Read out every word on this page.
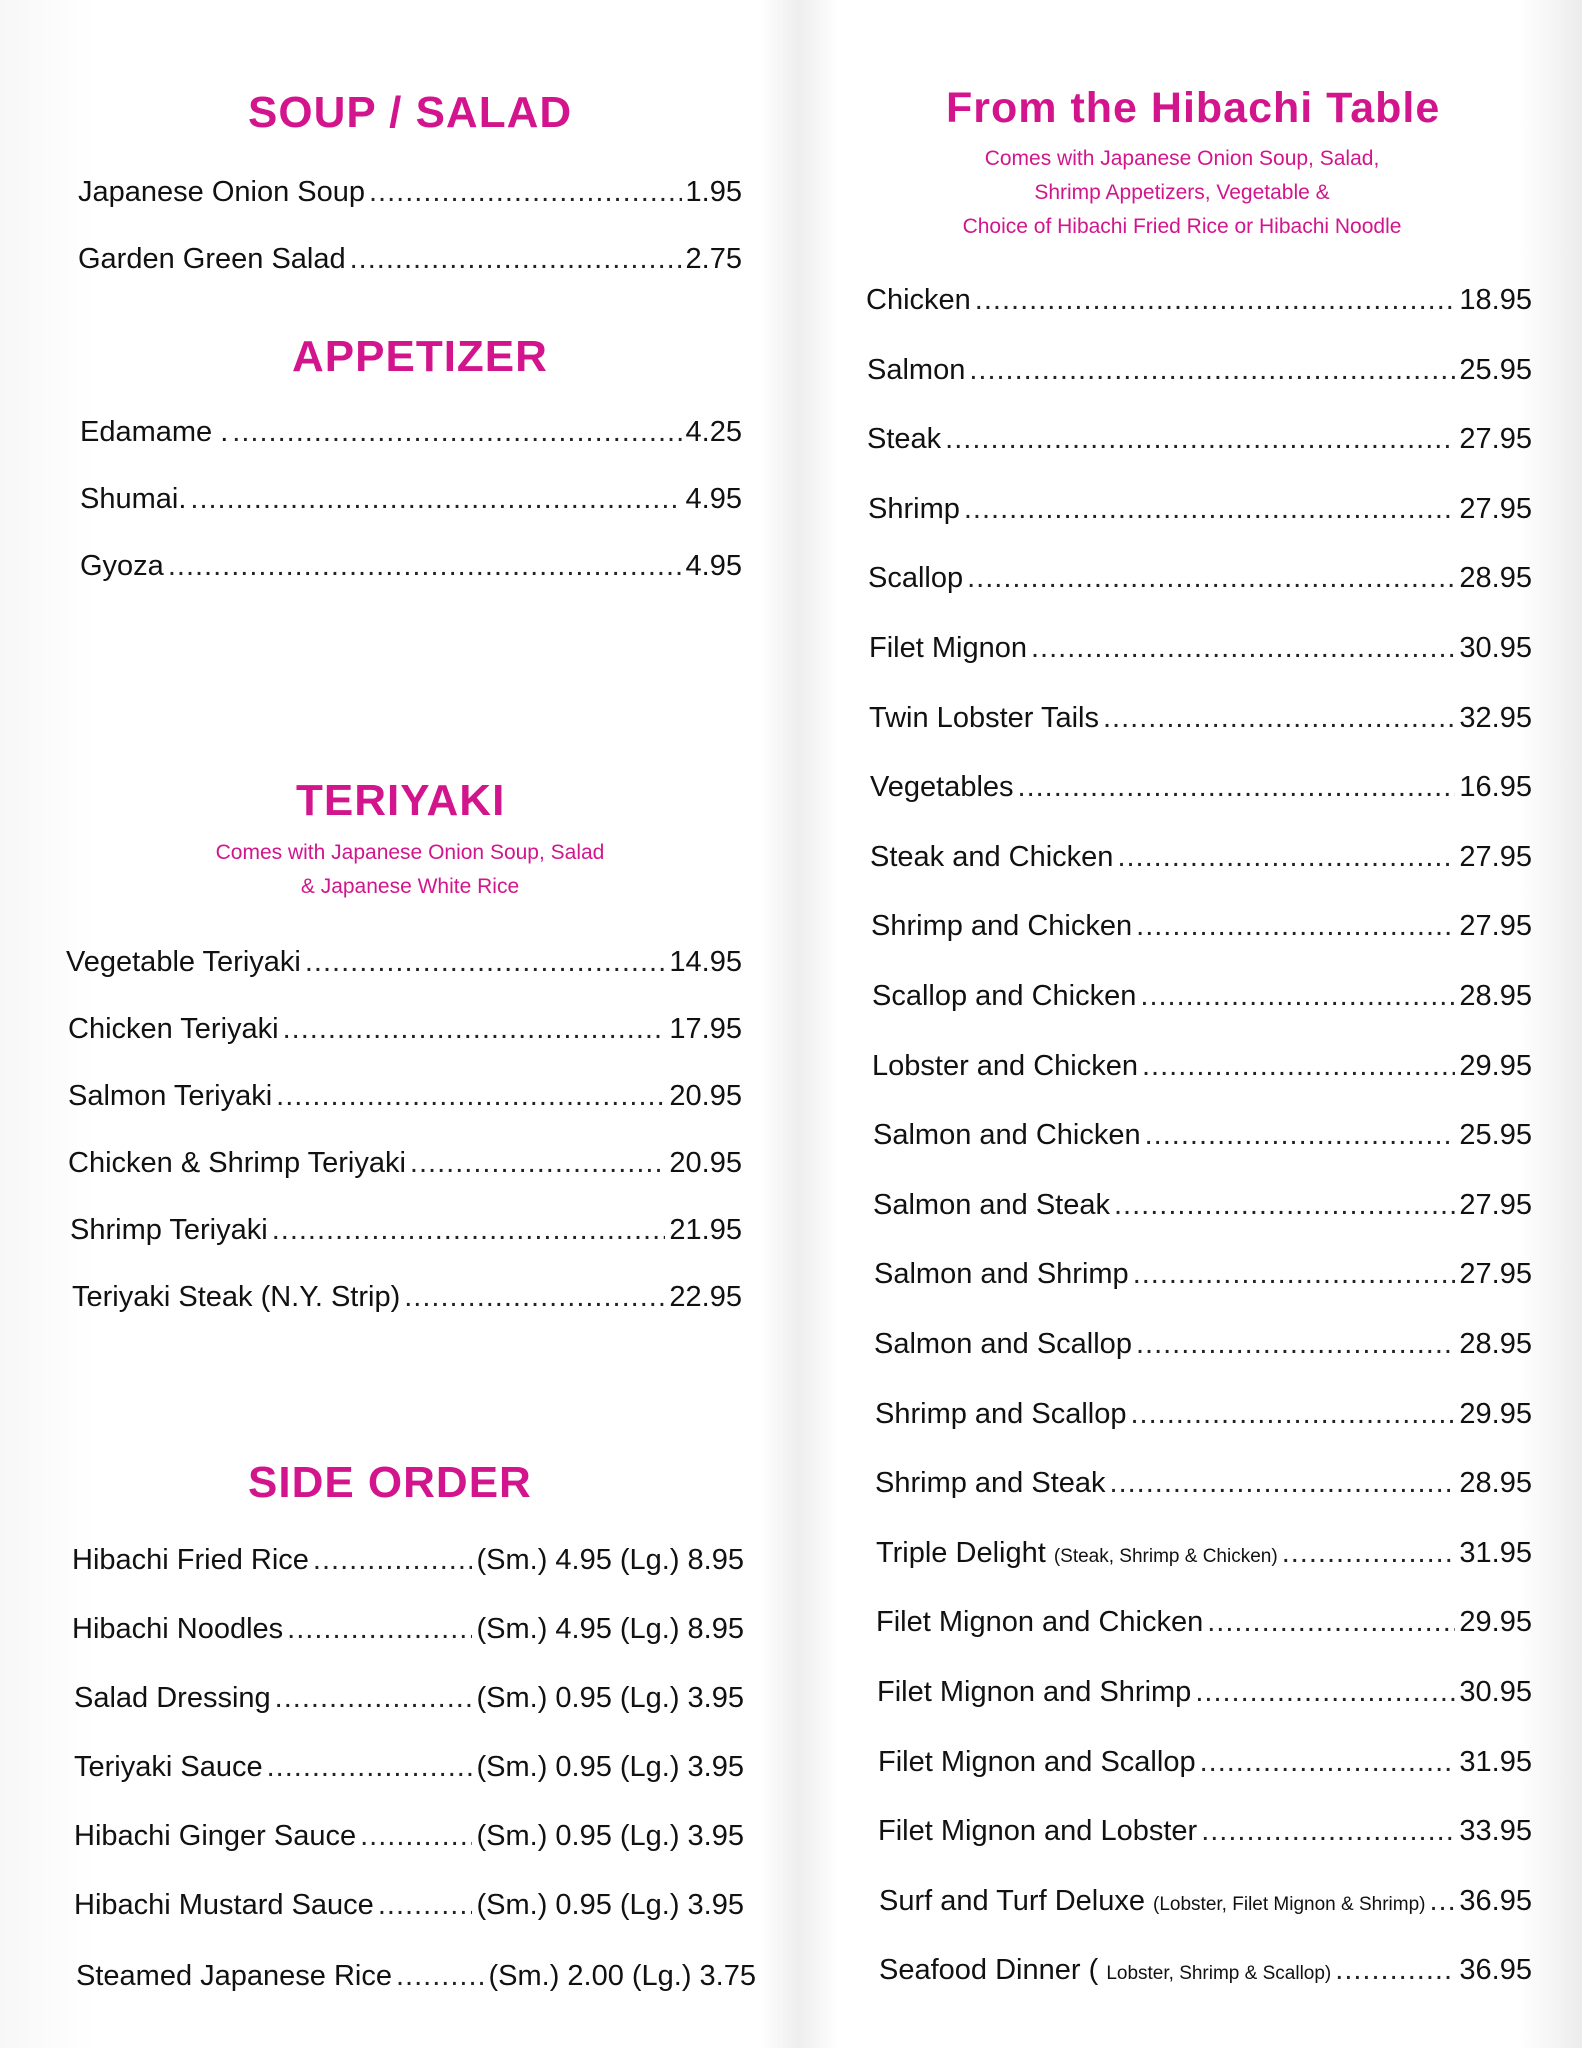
SOUP / SALAD
Japanese Onion Soup .....	1.95
Garden Green Salad .....	2.75
APPETIZER
Edamame . .....	4.25
Shumai. .....	4.95
Gyoza .....	4.95
TERIYAKI
Comes with Japanese Onion Soup, Salad
& Japanese White Rice
Vegetable Teriyaki .....	14.95
Chicken Teriyaki .....	17.95
Salmon Teriyaki .....	20.95
Chicken & Shrimp Teriyaki .....	20.95
Shrimp Teriyaki .....	21.95
Teriyaki Steak (N.Y. Strip) .....	22.95
SIDE ORDER
Hibachi Fried Rice .....	(Sm.) 4.95 (Lg.) 8.95
Hibachi Noodles .....	(Sm.) 4.95 (Lg.) 8.95
Salad Dressing .....	(Sm.) 0.95 (Lg.) 3.95
Teriyaki Sauce .....	(Sm.) 0.95 (Lg.) 3.95
Hibachi Ginger Sauce .....	(Sm.) 0.95 (Lg.) 3.95
Hibachi Mustard Sauce .....	(Sm.) 0.95 (Lg.) 3.95
Steamed Japanese Rice .....	(Sm.) 2.00 (Lg.) 3.75
From the Hibachi Table
Comes with Japanese Onion Soup, Salad,
Shrimp Appetizers, Vegetable &
Choice of Hibachi Fried Rice or Hibachi Noodle
Chicken .....	18.95
Salmon .....	25.95
Steak .....	27.95
Shrimp .....	27.95
Scallop .....	28.95
Filet Mignon .....	30.95
Twin Lobster Tails .....	32.95
Vegetables .....	16.95
Steak and Chicken .....	27.95
Shrimp and Chicken .....	27.95
Scallop and Chicken .....	28.95
Lobster and Chicken .....	29.95
Salmon and Chicken .....	25.95
Salmon and Steak .....	27.95
Salmon and Shrimp .....	27.95
Salmon and Scallop .....	28.95
Shrimp and Scallop .....	29.95
Shrimp and Steak .....	28.95
Triple Delight (Steak, Shrimp & Chicken) .....	31.95
Filet Mignon and Chicken .....	29.95
Filet Mignon and Shrimp .....	30.95
Filet Mignon and Scallop .....	31.95
Filet Mignon and Lobster .....	33.95
Surf and Turf Deluxe (Lobster, Filet Mignon & Shrimp) ..... 36.95
Seafood Dinner ( Lobster, Shrimp & Scallop) .....	36.95
